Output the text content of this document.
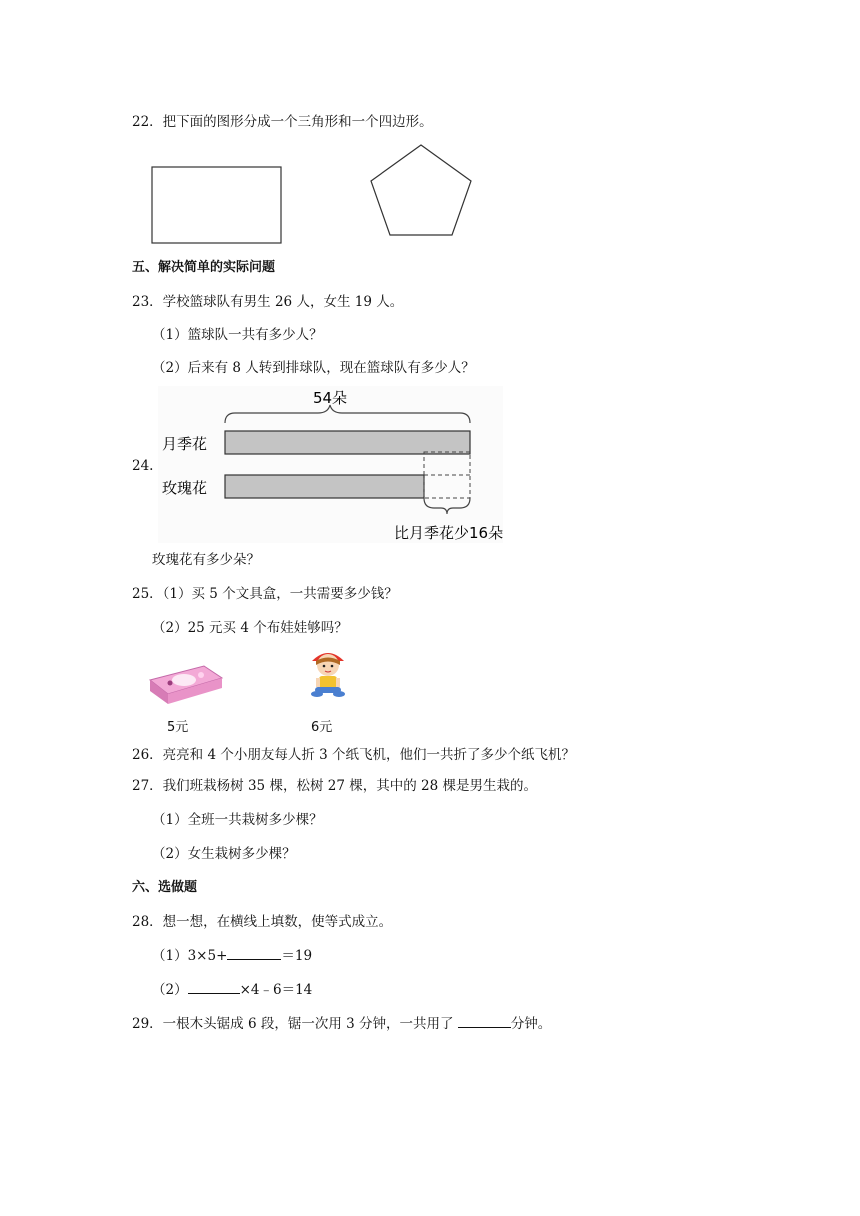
22．把下面的图形分成一个三角形和一个四边形。
五、解决简单的实际问题
23．学校篮球队有男生 26 人，女生 19 人。
（1）篮球队一共有多少人？
（2）后来有 8 人转到排球队，现在篮球队有多少人？
24.
54朵
月季花
玫瑰花
比月季花少16朵
玫瑰花有多少朵？
25．（1）买 5 个文具盒，一共需要多少钱？
（2）25 元买 4 个布娃娃够吗？
5元	6元
26．亮亮和 4 个小朋友每人折 3 个纸飞机，他们一共折了多少个纸飞机？
27．我们班栽杨树 35 棵，松树 27 棵，其中的 28 棵是男生栽的。
（1）全班一共栽树多少棵？
（2）女生栽树多少棵？
六、选做题
28．想一想，在横线上填数，使等式成立。
（1）3×5+	＝19
（2）	×4﹣6＝14
29．一根木头锯成 6 段，锯一次用 3 分钟，一共用了	分钟。
